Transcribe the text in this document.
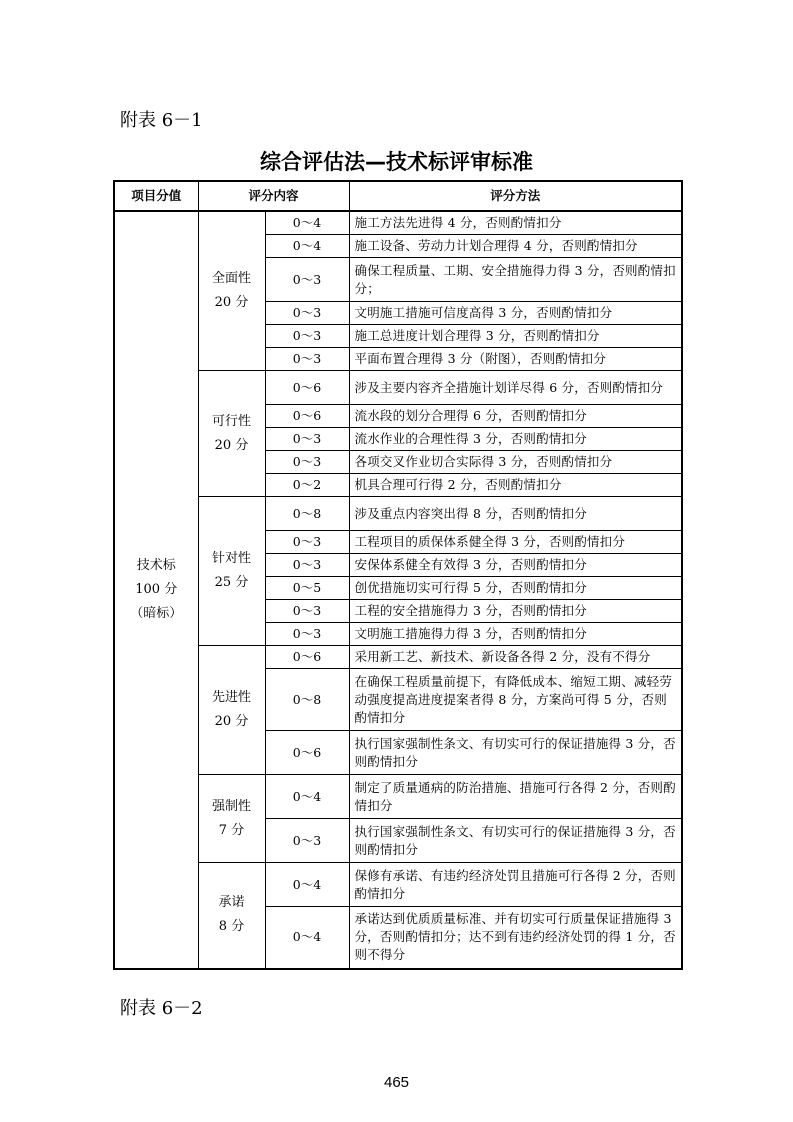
附表 6－1
综合评估法—技术标评审标准
项目分值	评分内容		评分方法

技术标
100 分
（暗标）	全面性
20 分	0～4	施工方法先进得 4 分，否则酌情扣分
		0～4	施工设备、劳动力计划合理得 4 分，否则酌情扣分
		0～3	确保工程质量、工期、安全措施得力得 3 分，否则酌情扣分；
		0～3	文明施工措施可信度高得 3 分，否则酌情扣分
		0～3	施工总进度计划合理得 3 分，否则酌情扣分
		0～3	平面布置合理得 3 分（附图），否则酌情扣分

	可行性
20 分	0～6	涉及主要内容齐全措施计划详尽得 6 分，否则酌情扣分
		0～6	流水段的划分合理得 6 分，否则酌情扣分
		0～3	流水作业的合理性得 3 分，否则酌情扣分
		0～3	各项交叉作业切合实际得 3 分，否则酌情扣分
		0～2	机具合理可行得 2 分，否则酌情扣分

	针对性
25 分	0～8	涉及重点内容突出得 8 分，否则酌情扣分
		0～3	工程项目的质保体系健全得 3 分，否则酌情扣分
		0～3	安保体系健全有效得 3 分，否则酌情扣分
		0～5	创优措施切实可行得 5 分，否则酌情扣分
		0～3	工程的安全措施得力 3 分，否则酌情扣分
		0～3	文明施工措施得力得 3 分，否则酌情扣分

	先进性
20 分	0～6	采用新工艺、新技术、新设备各得 2 分，没有不得分
		0～8	在确保工程质量前提下，有降低成本、缩短工期、减轻劳动强度提高进度提案者得 8 分，方案尚可得 5 分，否则酌情扣分
		0～6	执行国家强制性条文、有切实可行的保证措施得 3 分，否则酌情扣分

	强制性
7 分	0～4	制定了质量通病的防治措施、措施可行各得 2 分，否则酌情扣分
		0～3	执行国家强制性条文、有切实可行的保证措施得 3 分，否则酌情扣分

	承诺
8 分	0～4	保修有承诺、有违约经济处罚且措施可行各得 2 分，否则酌情扣分
		0～4	承诺达到优质质量标准、并有切实可行质量保证措施得 3 分，否则酌情扣分；达不到有违约经济处罚的得 1 分，否则不得分
附表 6－2
465
